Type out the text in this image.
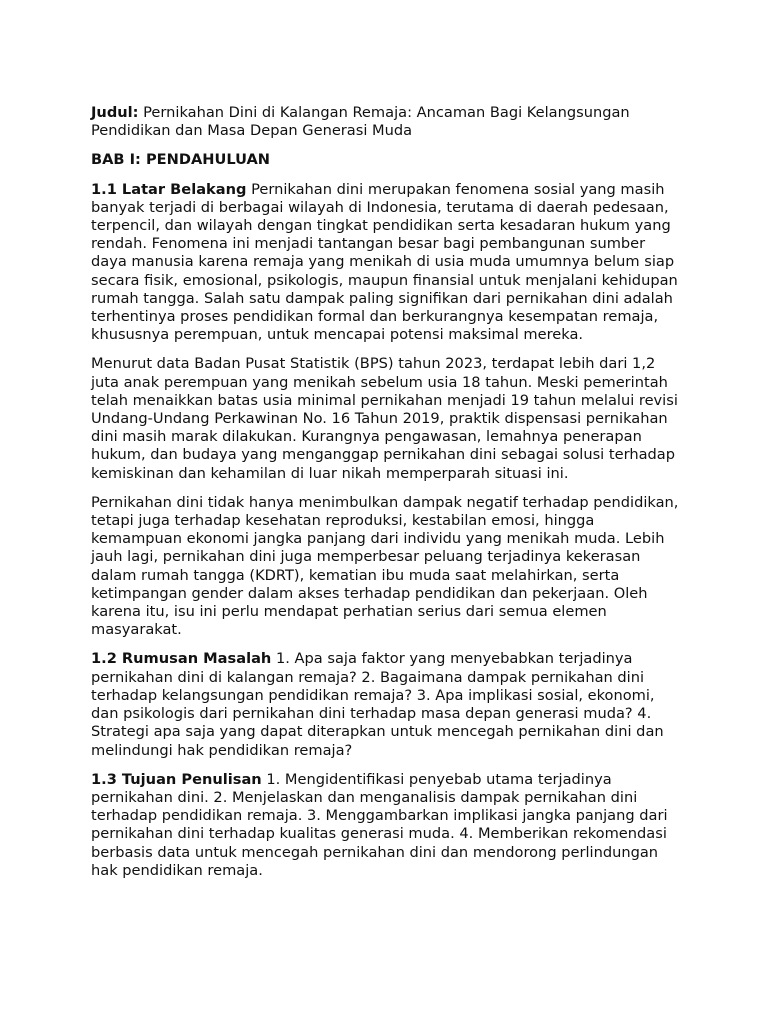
Judul: Pernikahan Dini di Kalangan Remaja: Ancaman Bagi Kelangsungan Pendidikan dan Masa Depan Generasi Muda

BAB I: PENDAHULUAN

1.1 Latar Belakang Pernikahan dini merupakan fenomena sosial yang masih banyak terjadi di berbagai wilayah di Indonesia, terutama di daerah pedesaan, terpencil, dan wilayah dengan tingkat pendidikan serta kesadaran hukum yang rendah. Fenomena ini menjadi tantangan besar bagi pembangunan sumber daya manusia karena remaja yang menikah di usia muda umumnya belum siap secara fisik, emosional, psikologis, maupun finansial untuk menjalani kehidupan rumah tangga. Salah satu dampak paling signifikan dari pernikahan dini adalah terhentinya proses pendidikan formal dan berkurangnya kesempatan remaja, khususnya perempuan, untuk mencapai potensi maksimal mereka.

Menurut data Badan Pusat Statistik (BPS) tahun 2023, terdapat lebih dari 1,2 juta anak perempuan yang menikah sebelum usia 18 tahun. Meski pemerintah telah menaikkan batas usia minimal pernikahan menjadi 19 tahun melalui revisi Undang-Undang Perkawinan No. 16 Tahun 2019, praktik dispensasi pernikahan dini masih marak dilakukan. Kurangnya pengawasan, lemahnya penerapan hukum, dan budaya yang menganggap pernikahan dini sebagai solusi terhadap kemiskinan dan kehamilan di luar nikah memperparah situasi ini.

Pernikahan dini tidak hanya menimbulkan dampak negatif terhadap pendidikan, tetapi juga terhadap kesehatan reproduksi, kestabilan emosi, hingga kemampuan ekonomi jangka panjang dari individu yang menikah muda. Lebih jauh lagi, pernikahan dini juga memperbesar peluang terjadinya kekerasan dalam rumah tangga (KDRT), kematian ibu muda saat melahirkan, serta ketimpangan gender dalam akses terhadap pendidikan dan pekerjaan. Oleh karena itu, isu ini perlu mendapat perhatian serius dari semua elemen masyarakat.

1.2 Rumusan Masalah 1. Apa saja faktor yang menyebabkan terjadinya pernikahan dini di kalangan remaja? 2. Bagaimana dampak pernikahan dini terhadap kelangsungan pendidikan remaja? 3. Apa implikasi sosial, ekonomi, dan psikologis dari pernikahan dini terhadap masa depan generasi muda? 4. Strategi apa saja yang dapat diterapkan untuk mencegah pernikahan dini dan melindungi hak pendidikan remaja?

1.3 Tujuan Penulisan 1. Mengidentifikasi penyebab utama terjadinya pernikahan dini. 2. Menjelaskan dan menganalisis dampak pernikahan dini terhadap pendidikan remaja. 3. Menggambarkan implikasi jangka panjang dari pernikahan dini terhadap kualitas generasi muda. 4. Memberikan rekomendasi berbasis data untuk mencegah pernikahan dini dan mendorong perlindungan hak pendidikan remaja.
